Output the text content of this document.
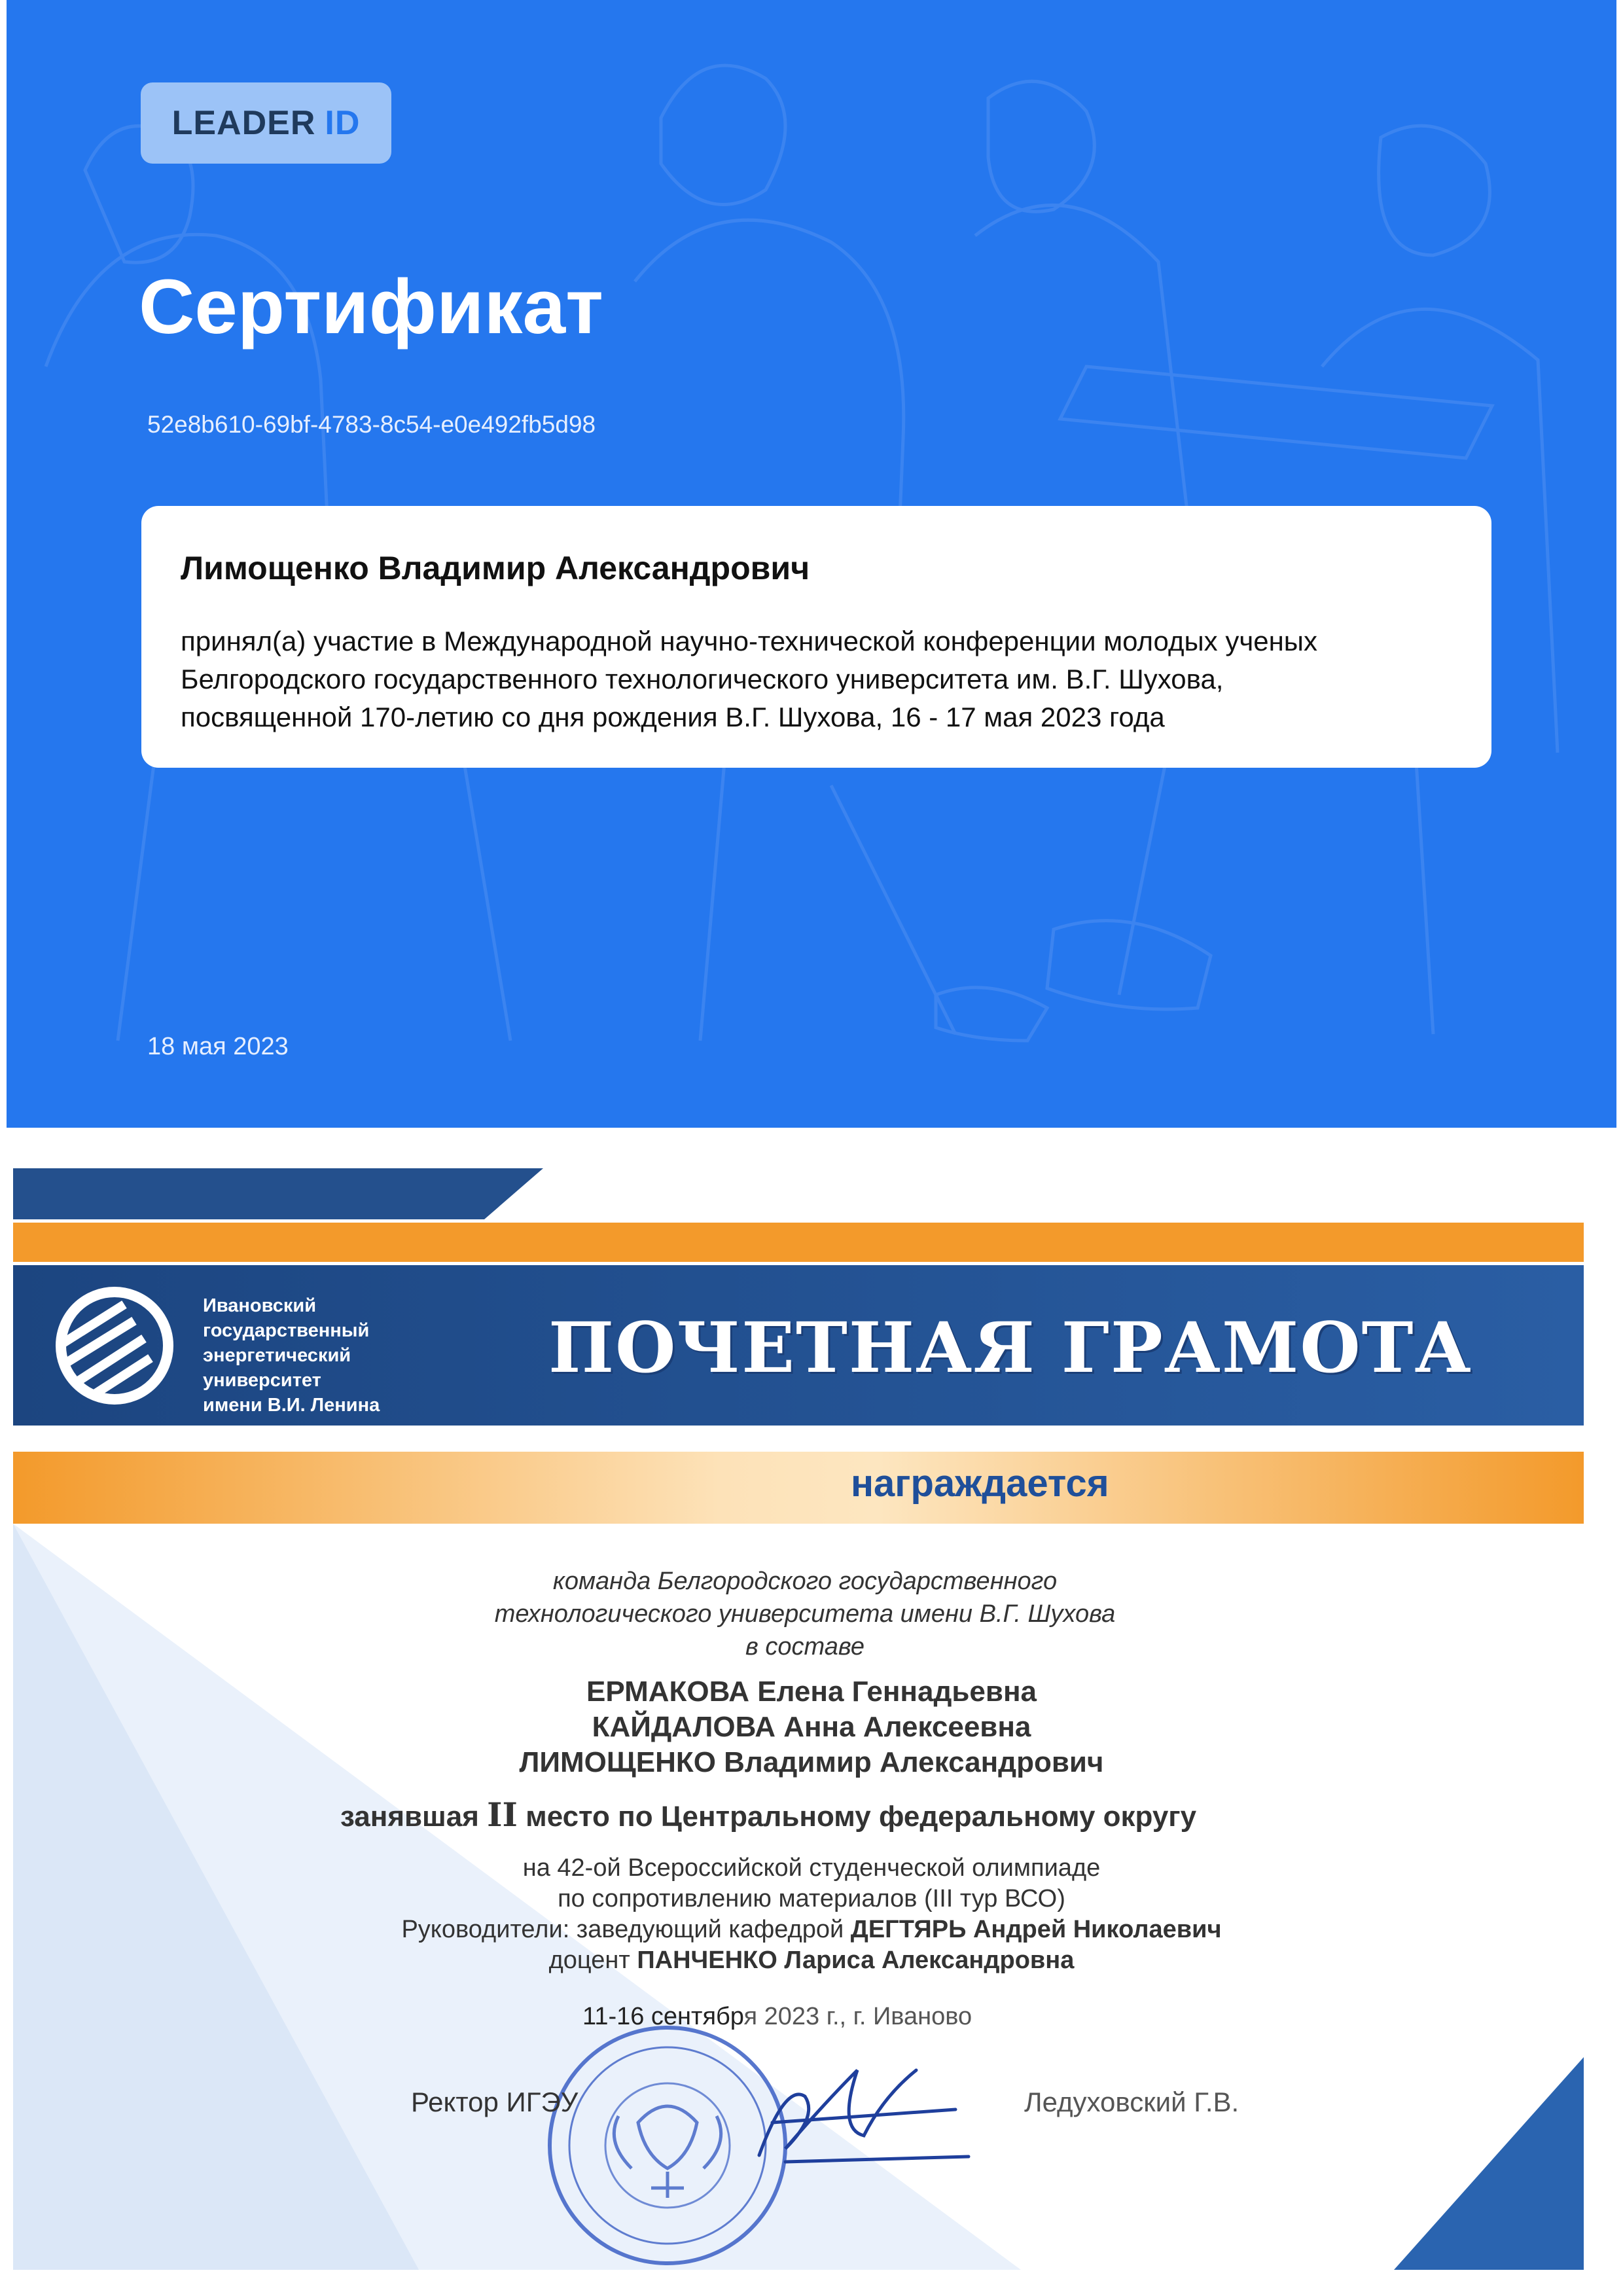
LEADER ID
Сертификат
52e8b610-69bf-4783-8c54-e0e492fb5d98
Лимощенко Владимир Александрович
принял(а) участие в Международной научно-технической конференции молодых ученых
Белгородского государственного технологического университета им. В.Г. Шухова,
посвященной 170-летию со дня рождения В.Г. Шухова, 16 - 17 мая 2023 года
18 мая 2023
Ивановский
государственный
энергетический
университет
имени В.И. Ленина
ПОЧЕТНАЯ ГРАМОТА
награждается
команда Белгородского государственного
технологического университета имени В.Г. Шухова
в составе
ЕРМАКОВА Елена Геннадьевна
КАЙДАЛОВА Анна Алексеевна
ЛИМОЩЕНКО Владимир Александрович
занявшая II место по Центральному федеральному округу
на 42-ой Всероссийской студенческой олимпиаде
по сопротивлению материалов (III тур ВСО)
Руководители: заведующий кафедрой ДЕГТЯРЬ Андрей Николаевич
доцент ПАНЧЕНКО Лариса Александровна
11-16 сентября 2023 г., г. Иваново
Ректор ИГЭУ	Ледуховский Г.В.
